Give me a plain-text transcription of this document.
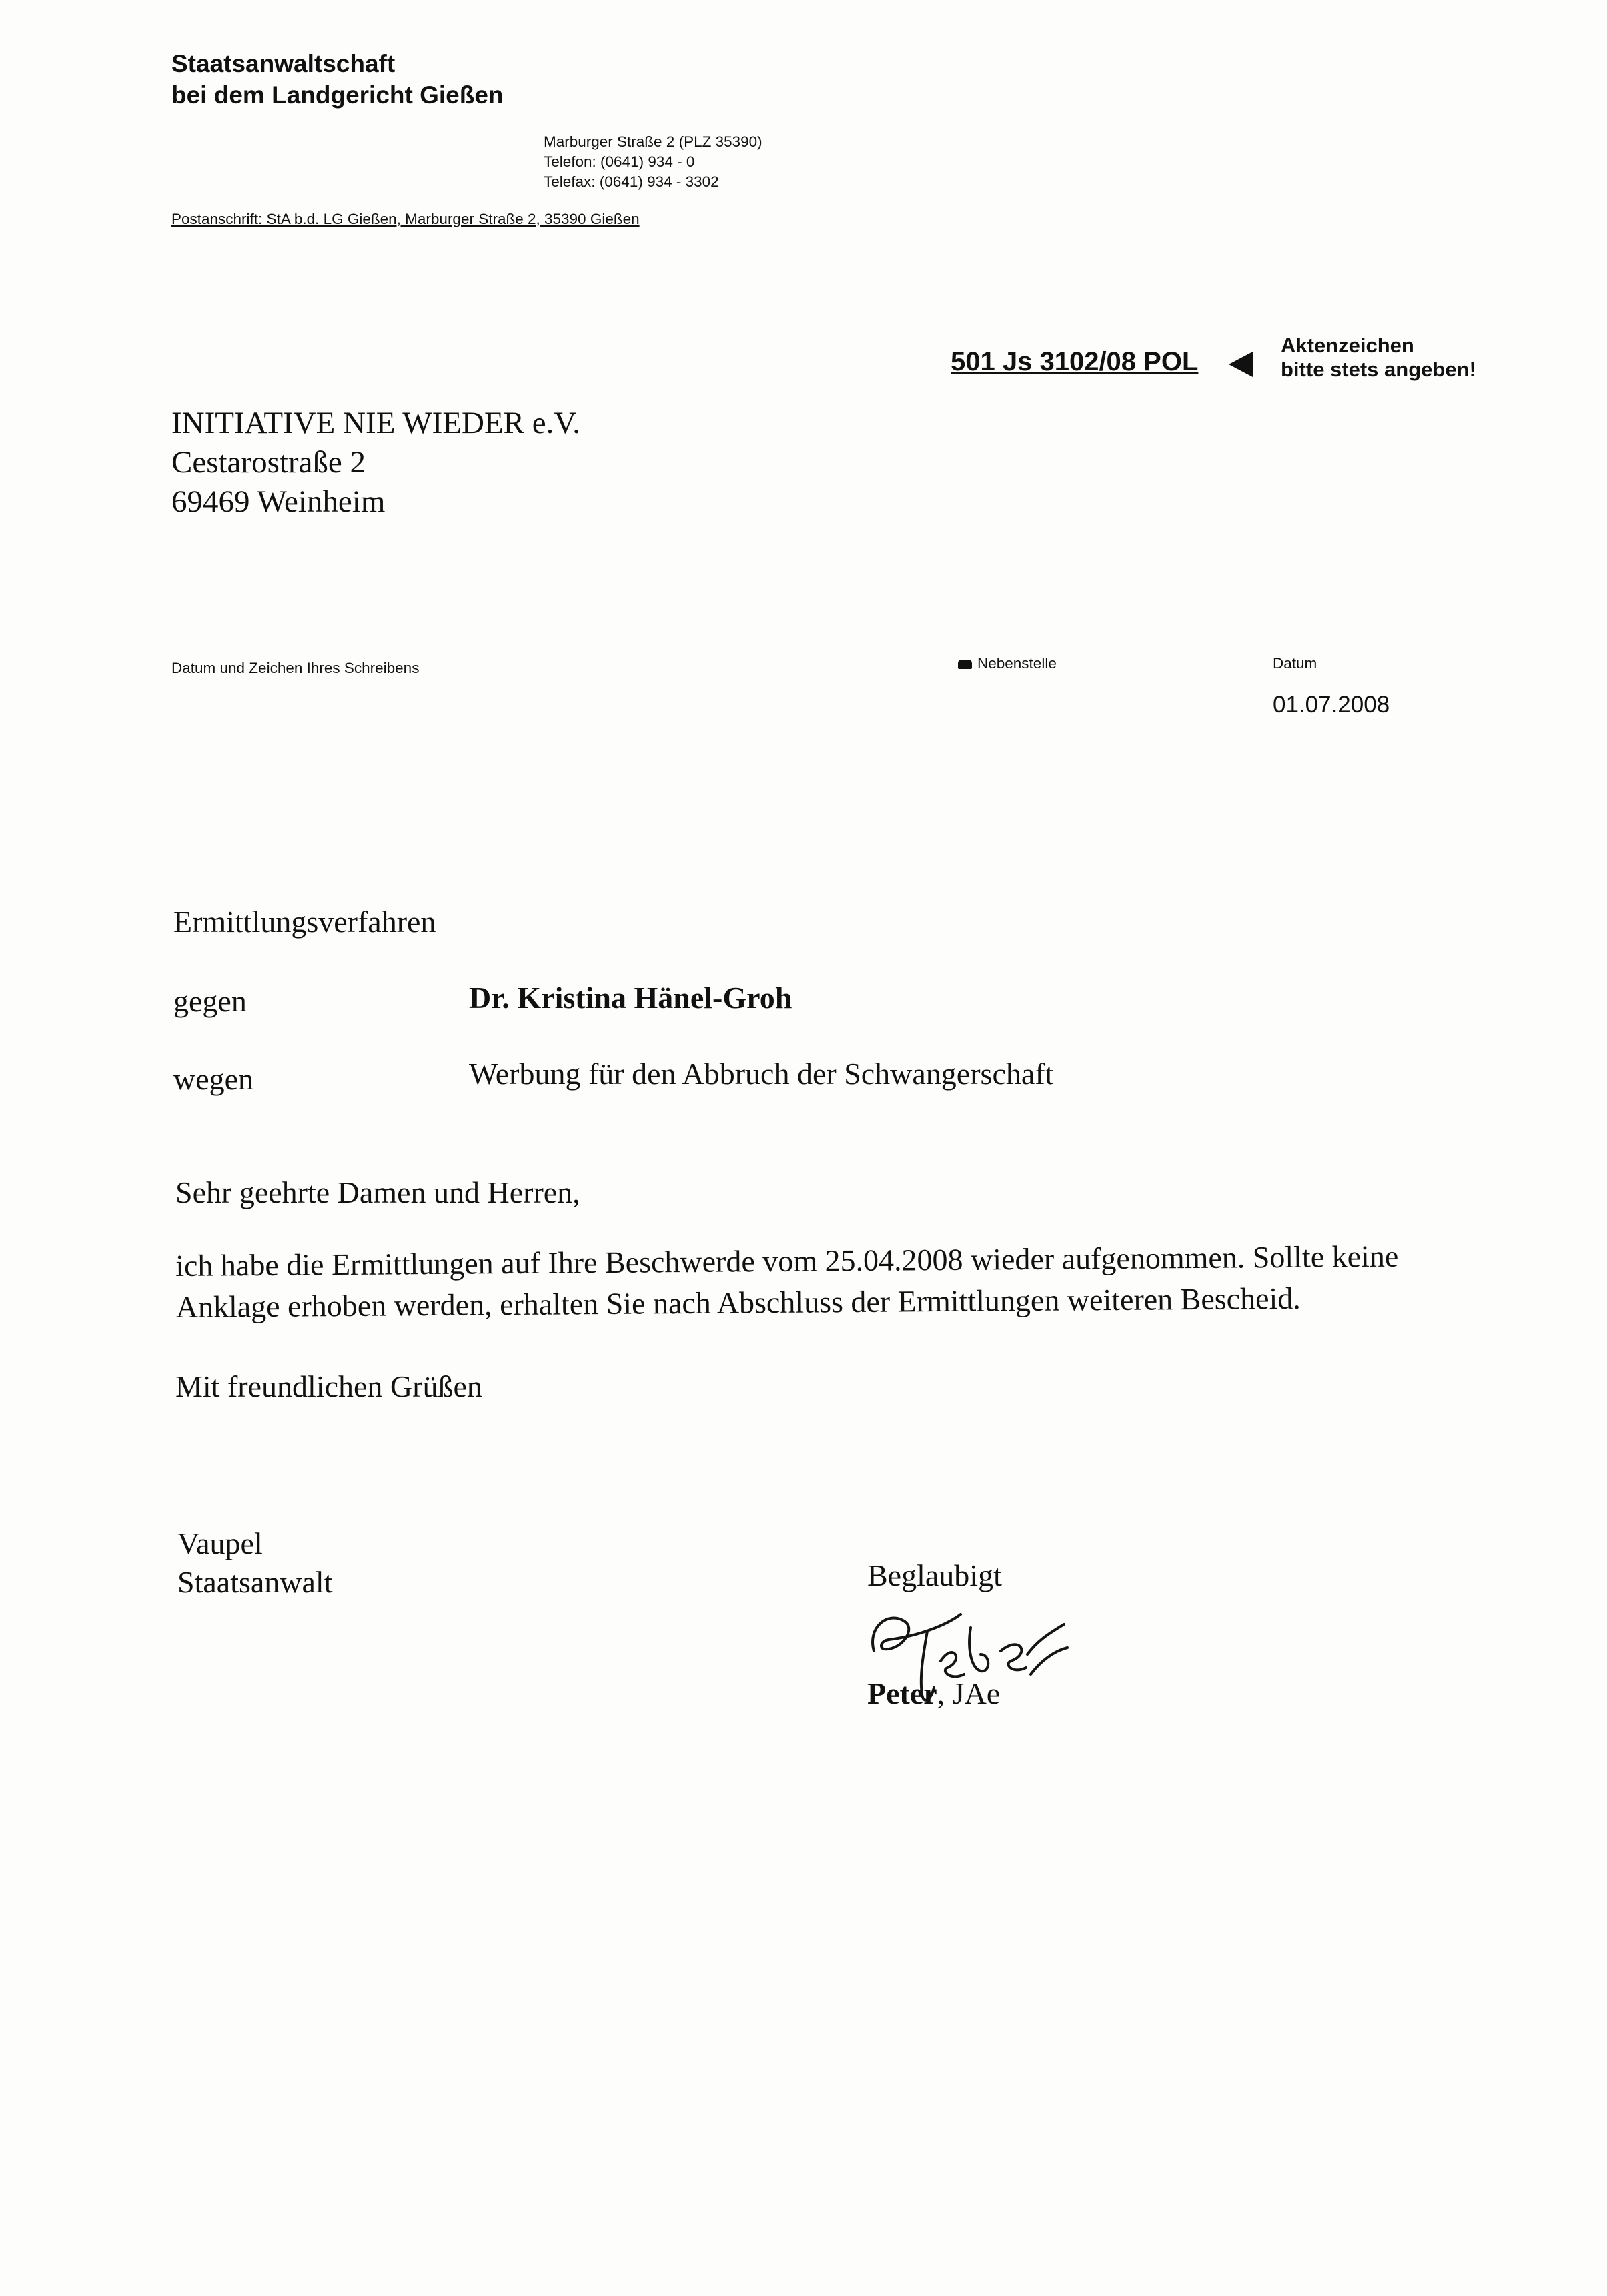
Staatsanwaltschaft
bei dem Landgericht Gießen
Marburger Straße 2 (PLZ 35390)
Telefon: (0641) 934 - 0
Telefax: (0641) 934 - 3302
Postanschrift: StA b.d. LG Gießen, Marburger Straße 2, 35390 Gießen
501 Js 3102/08 POL
Aktenzeichen
bitte stets angeben!
INITIATIVE NIE WIEDER e.V.
Cestarostraße 2
69469 Weinheim
Datum und Zeichen Ihres Schreibens	Nebenstelle	Datum
01.07.2008
Ermittlungsverfahren
gegen	Dr. Kristina Hänel-Groh
wegen	Werbung für den Abbruch der Schwangerschaft
Sehr geehrte Damen und Herren,
ich habe die Ermittlungen auf Ihre Beschwerde vom 25.04.2008 wieder aufgenommen. Sollte keine
Anklage erhoben werden, erhalten Sie nach Abschluss der Ermittlungen weiteren Bescheid.
Mit freundlichen Grüßen
Vaupel
Staatsanwalt	Beglaubigt
Peter, JAe
